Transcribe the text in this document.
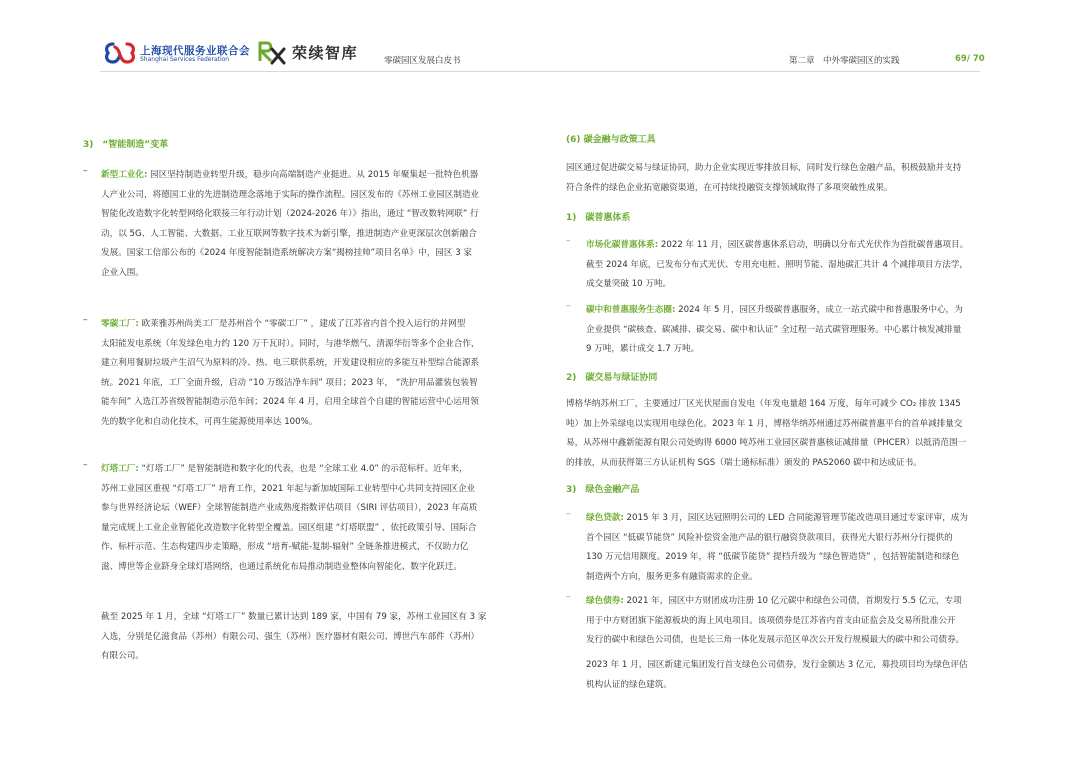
上海现代服务业联合会
Shanghai Services Federation	荣续智库	零碳园区发展白皮书	第二章　中外零碳园区的实践	69/ 70
3)　“智能制造”变革
– 新型工业化: 园区坚持制造业转型升级，稳步向高端制造产业挺进。从 2015 年聚集起一批特色机器

人产业公司，将德国工业的先进制造理念落地于实际的操作流程。园区发布的《苏州工业园区制造业

智能化改造数字化转型网络化联接三年行动计划（2024-2026 年）》指出，通过 “智改数转网联” 行

动，以 5G、人工智能、大数据、工业互联网等数字技术为新引擎，推进制造产业更深层次创新融合

发展。国家工信部公布的《2024 年度智能制造系统解决方案“揭榜挂帅”项目名单》中，园区 3 家

企业入围。

– 零碳工厂: 欧莱雅苏州尚美工厂是苏州首个 “零碳工厂” ，建成了江苏省内首个投入运行的并网型

太阳能发电系统（年发绿色电力约 120 万千瓦时）。同时，与港华燃气、清源华衍等多个企业合作，

建立利用餐厨垃圾产生沼气为原料的冷、热、电三联供系统，开发建设相应的多能互补型综合能源系

统。2021 年底，工厂全面升级，启动 “10 万级洁净车间” 项目；2023 年， “洗护用品灌装包装智

能车间” 入选江苏省级智能制造示范车间；2024 年 4 月，启用全球首个自建的智能运营中心运用领

先的数字化和自动化技术，可再生能源使用率达 100%。

– 灯塔工厂: “灯塔工厂” 是智能制造和数字化的代表，也是 “全球工业 4.0” 的示范标杆。近年来，

苏州工业园区重视 “灯塔工厂” 培育工作，2021 年起与新加坡国际工业转型中心共同支持园区企业

参与世界经济论坛（WEF）全球智能制造产业成熟度指数评估项目（SIRI 评估项目），2023 年高质

量完成规上工业企业智能化改造数字化转型全覆盖。园区组建 “灯塔联盟” ，依托政策引导、国际合

作、标杆示范、生态构建四步走策略，形成 “培育-赋能-复制-辐射” 全链条推进模式，不仅助力亿

滋、博世等企业跻身全球灯塔网络，也通过系统化布局推动制造业整体向智能化、数字化跃迁。

截至 2025 年 1 月，全球 “灯塔工厂” 数量已累计达到 189 家，中国有 79 家，苏州工业园区有 3 家

入选，分别是亿滋食品（苏州）有限公司、强生（苏州）医疗器材有限公司、博世汽车部件（苏州）

有限公司。

(6) 碳金融与政策工具

园区通过促进碳交易与绿证协同，助力企业实现近零排放目标，同时发行绿色金融产品，积极鼓励并支持

符合条件的绿色企业拓宽融资渠道，在可持续投融资支撑领域取得了多项突破性成果。

1)　碳普惠体系
– 市场化碳普惠体系: 2022 年 11 月，园区碳普惠体系启动，明确以分布式光伏作为首批碳普惠项目。

截至 2024 年底，已发布分布式光伏、专用充电桩、照明节能、湿地碳汇共计 4 个减排项目方法学，

成交量突破 10 万吨。

– 碳中和普惠服务生态圈: 2024 年 5 月，园区升级碳普惠服务，成立一站式碳中和普惠服务中心，为

企业提供 “碳核查、碳减排、碳交易、碳中和认证” 全过程一站式碳管理服务。中心累计核发减排量

9 万吨，累计成交 1.7 万吨。

2)　碳交易与绿证协同

博格华纳苏州工厂，主要通过厂区光伏屋面自发电（年发电量超 164 万度，每年可减少 CO₂ 排放 1345

吨）加上外采绿电以实现用电绿色化。2023 年 1 月，博格华纳苏州通过苏州碳普惠平台的首单减排量交

易，从苏州中鑫新能源有限公司处购得 6000 吨苏州工业园区碳普惠核证减排量（PHCER）以抵消范围一

的排放，从而获得第三方认证机构 SGS（瑞士通标标准）颁发的 PAS2060 碳中和达成证书。

3)　绿色金融产品
– 绿色贷款: 2015 年 3 月，园区达冠照明公司的 LED 合同能源管理节能改造项目通过专家评审，成为

首个园区 “低碳节能贷” 风险补偿资金池产品的银行融资贷款项目，获得光大银行苏州分行提供的

130 万元信用额度。2019 年，将 “低碳节能贷” 提档升级为 “绿色智造贷” ，包括智能制造和绿色

制造两个方向，服务更多有融资需求的企业。

– 绿色债券: 2021 年，园区中方财团成功注册 10 亿元碳中和绿色公司债，首期发行 5.5 亿元，专项

用于中方财团旗下能源板块的海上风电项目。该项债券是江苏省内首支由证监会及交易所批准公开

发行的碳中和绿色公司债，也是长三角一体化发展示范区单次公开发行规模最大的碳中和公司债券。

2023 年 1 月，园区新建元集团发行首支绿色公司债券，发行金额达 3 亿元，募投项目均为绿色评估

机构认证的绿色建筑。
